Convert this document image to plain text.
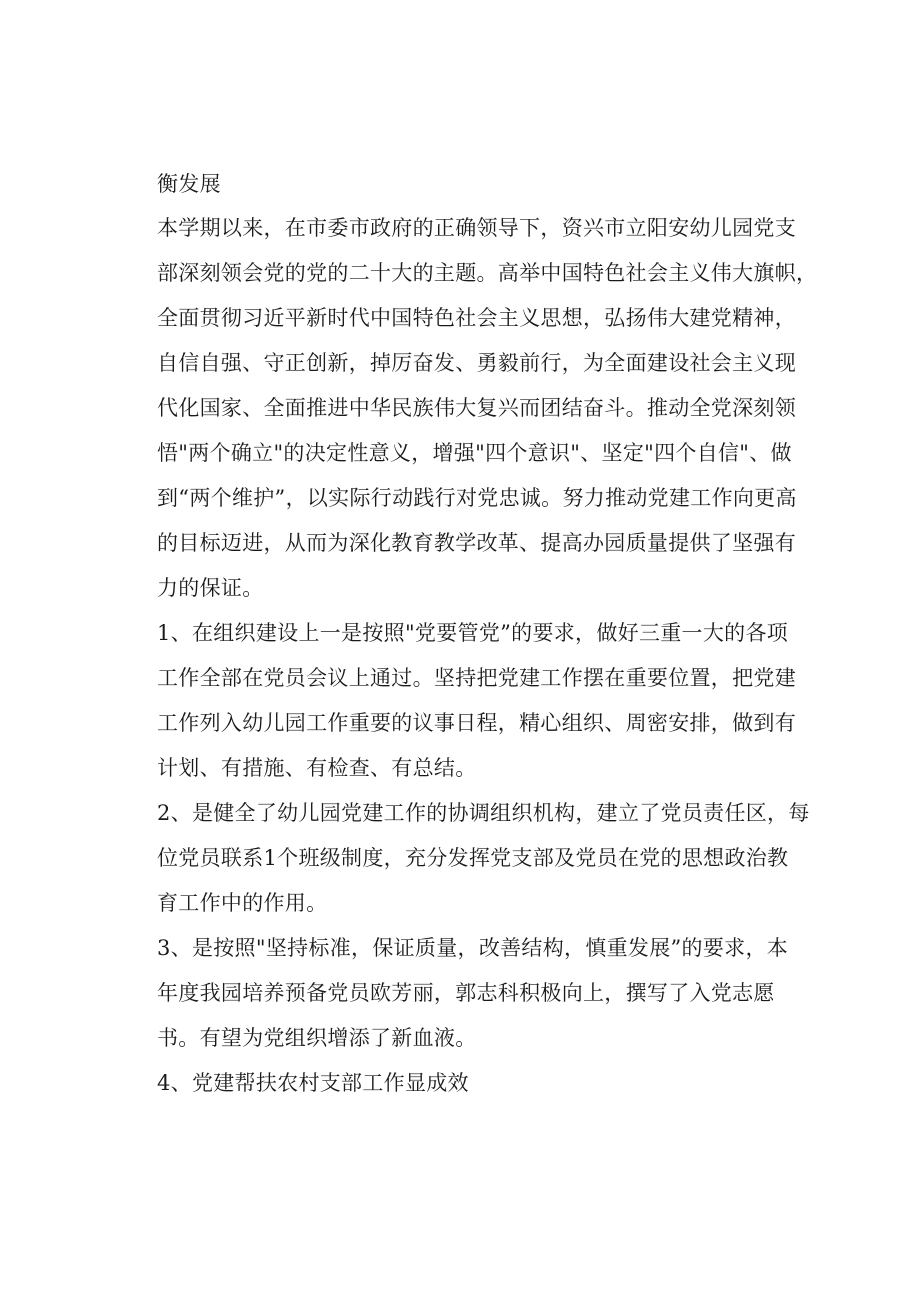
衡发展
本学期以来，在市委市政府的正确领导下，资兴市立阳安幼儿园党支
部深刻领会党的党的二十大的主题。高举中国特色社会主义伟大旗帜，
全面贯彻习近平新时代中国特色社会主义思想，弘扬伟大建党精神，
自信自强、守正创新，掉厉奋发、勇毅前行，为全面建设社会主义现
代化国家、全面推进中华民族伟大复兴而团结奋斗。推动全党深刻领
悟"两个确立"的决定性意义，增强"四个意识"、坚定"四个自信"、做
到“两个维护”，以实际行动践行对党忠诚。努力推动党建工作向更高
的目标迈进，从而为深化教育教学改革、提高办园质量提供了坚强有
力的保证。
1、在组织建设上一是按照"党要管党”的要求，做好三重一大的各项
工作全部在党员会议上通过。坚持把党建工作摆在重要位置，把党建
工作列入幼儿园工作重要的议事日程，精心组织、周密安排，做到有
计划、有措施、有检查、有总结。
2、是健全了幼儿园党建工作的协调组织机构，建立了党员责任区，每
位党员联系1个班级制度，充分发挥党支部及党员在党的思想政治教
育工作中的作用。
3、是按照"坚持标准，保证质量，改善结构，慎重发展”的要求，本
年度我园培养预备党员欧芳丽，郭志科积极向上，撰写了入党志愿
书。有望为党组织增添了新血液。
4、党建帮扶农村支部工作显成效
